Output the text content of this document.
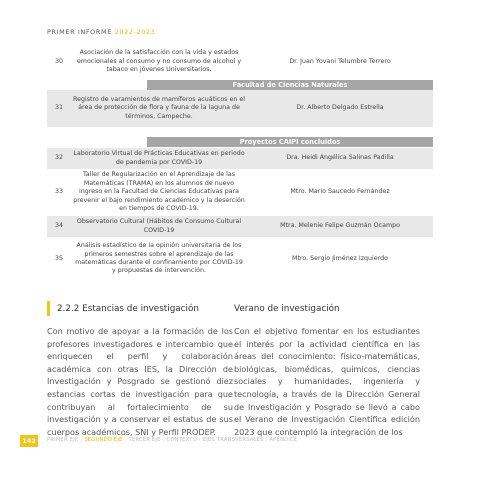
PRIMER INFORME 2022-2023
30
Asociación de la satisfacción con la vida y estados emocionales al consumo y no consumo de alcohol y tabaco en jóvenes Universitarios.
Dr. Juan Yovani Telumbre Terrero
Facultad de Ciencias Naturales
31
Registro de varamientos de mamíferos acuáticos en el área de protección de flora y fauna de la laguna de términos, Campeche.
Dr. Alberto Delgado Estrella
Proyectos CAIPI concluidos
32
Laboratorio Virtual de Prácticas Educativas en periodo de pandemia por COVID-19
Dra. Heidi Angélica Salinas Padilla
33
Taller de Regularización en el Aprendizaje de las Matemáticas (TRAMA) en los alumnos de nuevo ingreso en la Facultad de Ciencias Educativas para prevenir el bajo rendimiento académico y la deserción en tiempos de COVID-19.
Mtro. Mario Saucedo Fernández
34
Observatorio Cultural (Hábitos de Consumo Cultural COVID-19
Mtra. Melenie Felipe Guzmán Ocampo
35
Análisis estadístico de la opinión universitaria de los primeros semestres sobre el aprendizaje de las matemáticas durante el confinamiento por COVID-19 y propuestas de intervención.
Mtro. Sergio Jiménez Izquierdo
2.2.2 Estancias de investigación	Verano de investigación
Con motivo de apoyar a la formación de los profesores investigadores e intercambio que enriquecen el perfil y colaboración académica con otras IES, la Dirección de Investigación y Posgrado se gestionó diez estancias cortas de investigación para que contribuyan al fortalecimiento de su investigación y a conservar el estatus de sus cuerpos académicos, SNI y Perfil PRODEP.
Con el objetivo fomentar en los estudiantes el interés por la actividad científica en las áreas del conocimiento: físico-matemáticas, biológicas, biomédicas, químicos, ciencias sociales y humanidades, ingeniería y tecnología, a través de la Dirección General de Investigación y Posgrado se llevó a cabo el Verano de Investigación Científica edición 2023 que contempló la integración de los
142	PRIMER EJE | SEGUNDO EJE | TERCER EJE | CONTEXTO | EJES TRANSVERSALES | APÉNDICE
